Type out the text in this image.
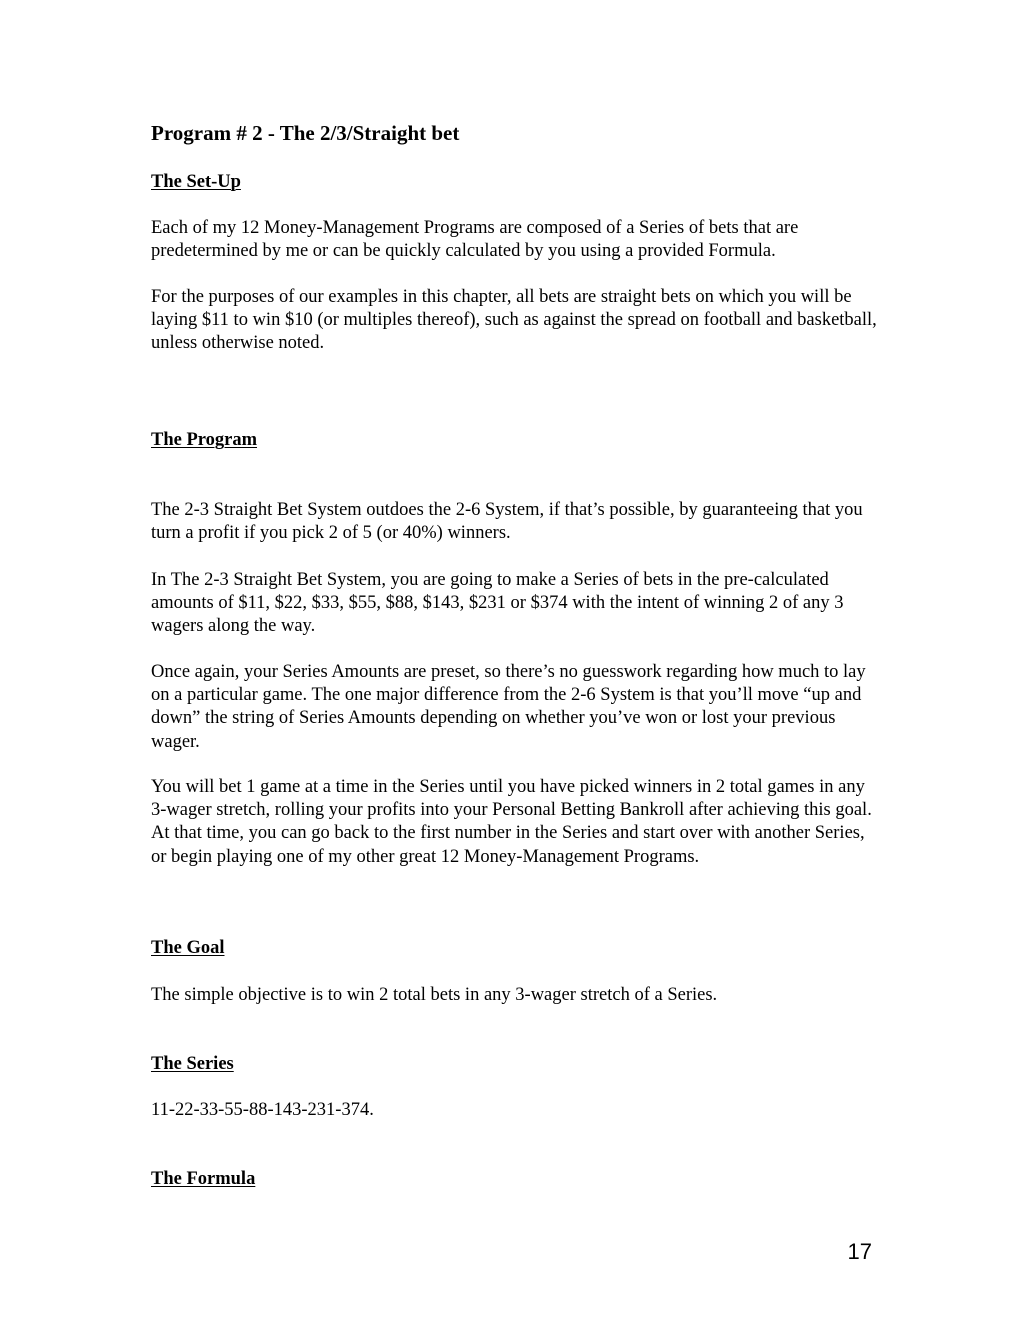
Program # 2 - The 2/3/Straight bet
The Set-Up

Each of my 12 Money-Management Programs are composed of a Series of bets that are predetermined by me or can be quickly calculated by you using a provided Formula.

For the purposes of our examples in this chapter, all bets are straight bets on which you will be laying $11 to win $10 (or multiples thereof), such as against the spread on football and basketball, unless otherwise noted.

The Program

The 2-3 Straight Bet System outdoes the 2-6 System, if that’s possible, by guaranteeing that you turn a profit if you pick 2 of 5 (or 40%) winners.

In The 2-3 Straight Bet System, you are going to make a Series of bets in the pre-calculated amounts of $11, $22, $33, $55, $88, $143, $231 or $374 with the intent of winning 2 of any 3 wagers along the way.

Once again, your Series Amounts are preset, so there’s no guesswork regarding how much to lay on a particular game. The one major difference from the 2-6 System is that you’ll move “up and down” the string of Series Amounts depending on whether you’ve won or lost your previous wager.

You will bet 1 game at a time in the Series until you have picked winners in 2 total games in any 3-wager stretch, rolling your profits into your Personal Betting Bankroll after achieving this goal. At that time, you can go back to the first number in the Series and start over with another Series, or begin playing one of my other great 12 Money-Management Programs.

The Goal

The simple objective is to win 2 total bets in any 3-wager stretch of a Series.

The Series

11-22-33-55-88-143-231-374.

The Formula
17
